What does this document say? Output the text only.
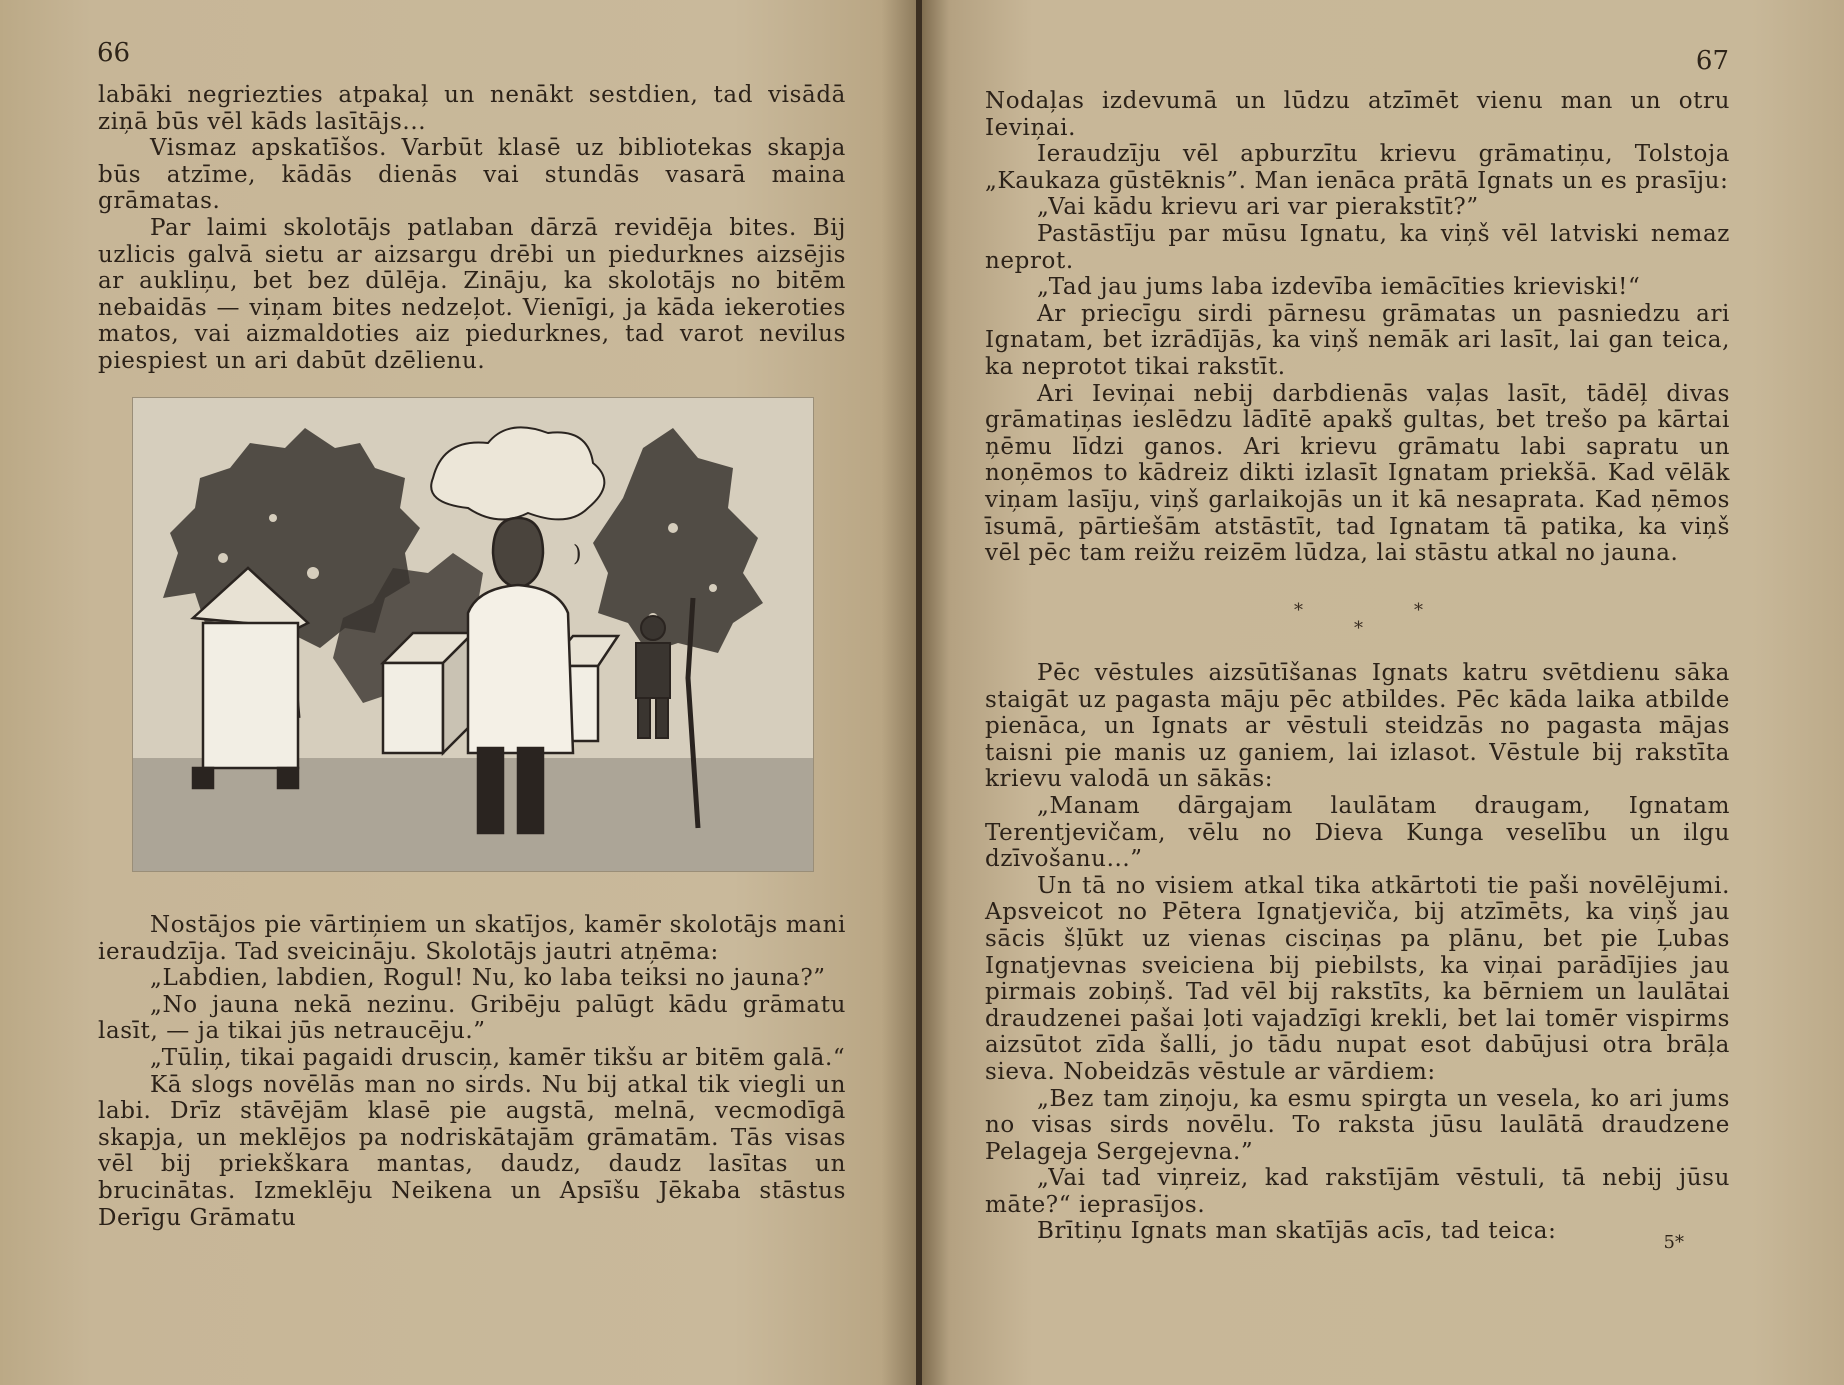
66

labāki negriezties atpakaļ un nenākt sestdien, tad visādā ziņā būs vēl kāds lasītājs...

Vismaz apskatīšos. Varbūt klasē uz bibliotekas skapja būs atzīme, kādās dienās vai stundās vasarā maina grāmatas.

Par laimi skolotājs patlaban dārzā revidēja bites. Bij uzlicis galvā sietu ar aizsargu drēbi un piedurknes aizsējis ar aukliņu, bet bez dūlēja. Zināju, ka skolotājs no bitēm nebaidās — viņam bites nedzeļot. Vienīgi, ja kāda iekeroties matos, vai aizmaldoties aiz piedurknes, tad varot nevilus piespiest un ari dabūt dzēlienu.

)

Nostājos pie vārtiņiem un skatījos, kamēr skolotājs mani ieraudzīja. Tad sveicināju. Skolotājs jautri atņēma:

„Labdien, labdien, Rogul! Nu, ko laba teiksi no jauna?”

„No jauna nekā nezinu. Gribēju palūgt kādu grāmatu lasīt, — ja tikai jūs netraucēju.”

„Tūliņ, tikai pagaidi drusciņ, kamēr tikšu ar bitēm galā.“

Kā slogs novēlās man no sirds. Nu bij atkal tik viegli un labi. Drīz stāvējām klasē pie augstā, melnā, vecmodīgā skapja, un meklējos pa nodriskātajām grāmatām. Tās visas vēl bij priekškara mantas, daudz, daudz lasītas un brucinātas. Izmeklēju Neikena un Apsīšu Jēkaba stāstus Derīgu Grāmatu

67

Nodaļas izdevumā un lūdzu atzīmēt vienu man un otru Ieviņai.

Ieraudzīju vēl apburzītu krievu grāmatiņu, Tolstoja „Kaukaza gūstēknis”. Man ienāca prātā Ignats un es prasīju:

„Vai kādu krievu ari var pierakstīt?”

Pastāstīju par mūsu Ignatu, ka viņš vēl latviski nemaz neprot.

„Tad jau jums laba izdevība iemācīties krieviski!“

Ar priecīgu sirdi pārnesu grāmatas un pasniedzu ari Ignatam, bet izrādījās, ka viņš nemāk ari lasīt, lai gan teica, ka neprotot tikai rakstīt.

Ari Ieviņai nebij darbdienās vaļas lasīt, tādēļ divas grāmatiņas ieslēdzu lādītē apakš gultas, bet trešo pa kārtai ņēmu līdzi ganos. Ari krievu grāmatu labi sapratu un noņēmos to kādreiz dikti izlasīt Ignatam priekšā. Kad vēlāk viņam lasīju, viņš garlaikojās un it kā nesaprata. Kad ņēmos īsumā, pārtiešām atstāstīt, tad Ignatam tā patika, ka viņš vēl pēc tam reižu reizēm lūdza, lai stāstu atkal no jauna.

*	*
*

Pēc vēstules aizsūtīšanas Ignats katru svētdienu sāka staigāt uz pagasta māju pēc atbildes. Pēc kāda laika atbilde pienāca, un Ignats ar vēstuli steidzās no pagasta mājas taisni pie manis uz ganiem, lai izlasot. Vēstule bij rakstīta krievu valodā un sākās:

„Manam dārgajam laulātam draugam, Ignatam Terentjevičam, vēlu no Dieva Kunga veselību un ilgu dzīvošanu...”

Un tā no visiem atkal tika atkārtoti tie paši novēlējumi. Apsveicot no Pētera Ignatjeviča, bij atzīmēts, ka viņš jau sācis šļūkt uz vienas cisciņas pa plānu, bet pie Ļubas Ignatjevnas sveiciena bij piebilsts, ka viņai parādījies jau pirmais zobiņš. Tad vēl bij rakstīts, ka bērniem un laulātai draudzenei pašai ļoti vajadzīgi krekli, bet lai tomēr vispirms aizsūtot zīda šalli, jo tādu nupat esot dabūjusi otra brāļa sieva. Nobeidzās vēstule ar vārdiem:

„Bez tam ziņoju, ka esmu spirgta un vesela, ko ari jums no visas sirds novēlu. To raksta jūsu laulātā draudzene Pelageja Sergejevna.”

„Vai tad viņreiz, kad rakstījām vēstuli, tā nebij jūsu māte?“ ieprasījos.

Brītiņu Ignats man skatījās acīs, tad teica:	5*
